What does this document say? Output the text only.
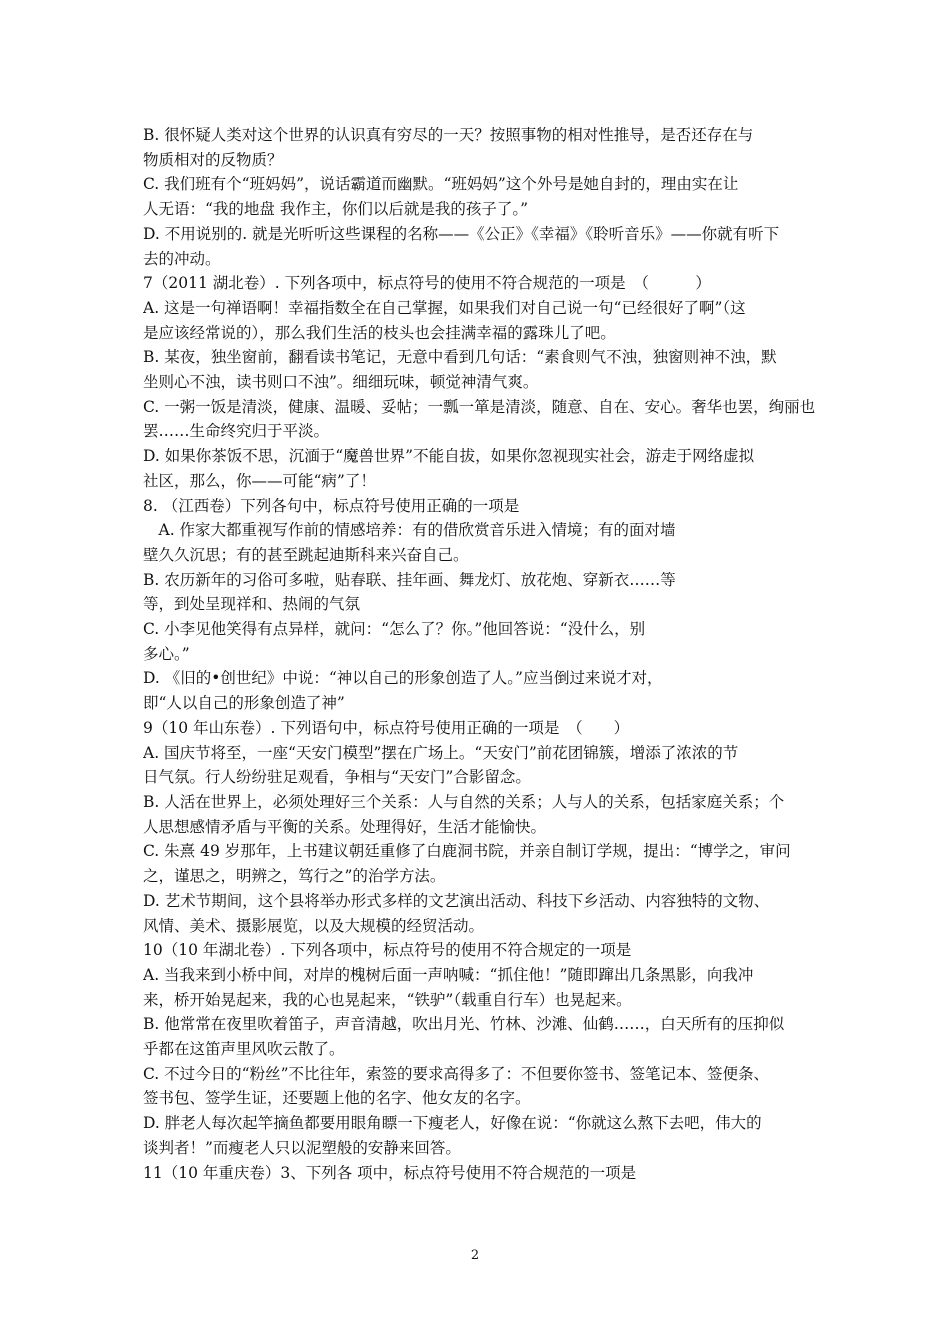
B. 很怀疑人类对这个世界的认识真有穷尽的一天？按照事物的相对性推导，是否还存在与
物质相对的反物质？
C. 我们班有个“班妈妈”，说话霸道而幽默。“班妈妈”这个外号是她自封的，理由实在让
人无语：“我的地盘 我作主，你们以后就是我的孩子了。”
D. 不用说别的. 就是光听听这些课程的名称——《公正》《幸福》《聆听音乐》——你就有听下
去的冲动。
7（2011 湖北卷）. 下列各项中，标点符号的使用不符合规范的一项是　（　　　）
A. 这是一句禅语啊！幸福指数全在自己掌握，如果我们对自己说一句“已经很好了啊”（这
是应该经常说的），那么我们生活的枝头也会挂满幸福的露珠儿了吧。
B. 某夜，独坐窗前，翻看读书笔记，无意中看到几句话：“素食则气不浊，独窗则神不浊，默
坐则心不浊，读书则口不浊”。细细玩味，顿觉神清气爽。
C. 一粥一饭是清淡，健康、温暖、妥帖；一瓢一箪是清淡，随意、自在、安心。奢华也罢，绚丽也
罢……生命终究归于平淡。
D. 如果你茶饭不思，沉湎于“魔兽世界”不能自拔，如果你忽视现实社会，游走于网络虚拟
社区，那么，你——可能“病”了！
8. （江西卷）下列各句中，标点符号使用正确的一项是
　A. 作家大都重视写作前的情感培养：有的借欣赏音乐进入情境；有的面对墙
壁久久沉思；有的甚至跳起迪斯科来兴奋自己。
B. 农历新年的习俗可多啦，贴春联、挂年画、舞龙灯、放花炮、穿新衣……等
等，到处呈现祥和、热闹的气氛
C. 小李见他笑得有点异样，就问：“怎么了？你。”他回答说：“没什么，别
多心。”
D. 《旧的•创世纪》中说：“神以自己的形象创造了人。”应当倒过来说才对，
即“人以自己的形象创造了神”
9（10 年山东卷）. 下列语句中，标点符号使用正确的一项是　（　　）
A. 国庆节将至，一座“天安门模型”摆在广场上。“天安门”前花团锦簇，增添了浓浓的节
日气氛。行人纷纷驻足观看，争相与“天安门”合影留念。
B. 人活在世界上，必须处理好三个关系：人与自然的关系；人与人的关系，包括家庭关系；个
人思想感情矛盾与平衡的关系。处理得好，生活才能愉快。
C. 朱熹 49 岁那年，上书建议朝廷重修了白鹿洞书院，并亲自制订学规，提出：“博学之，审问
之，谨思之，明辨之，笃行之”的治学方法。
D. 艺术节期间，这个县将举办形式多样的文艺演出活动、科技下乡活动、内容独特的文物、
风情、美术、摄影展览，以及大规模的经贸活动。
10（10 年湖北卷）. 下列各项中，标点符号的使用不符合规定的一项是
A. 当我来到小桥中间，对岸的槐树后面一声呐喊：“抓住他！”随即蹿出几条黑影，向我冲
来，桥开始晃起来，我的心也晃起来，“铁驴”（载重自行车）也晃起来。
B. 他常常在夜里吹着笛子，声音清越，吹出月光、竹林、沙滩、仙鹤……，白天所有的压抑似
乎都在这笛声里风吹云散了。
C. 不过今日的“粉丝”不比往年，索签的要求高得多了：不但要你签书、签笔记本、签便条、
签书包、签学生证，还要题上他的名字、他女友的名字。
D. 胖老人每次起竿摘鱼都要用眼角瞟一下瘦老人，好像在说：“你就这么熬下去吧，伟大的
谈判者！”而瘦老人只以泥塑般的安静来回答。
11（10 年重庆卷）3、下列各 项中，标点符号使用不符合规范的一项是
2
